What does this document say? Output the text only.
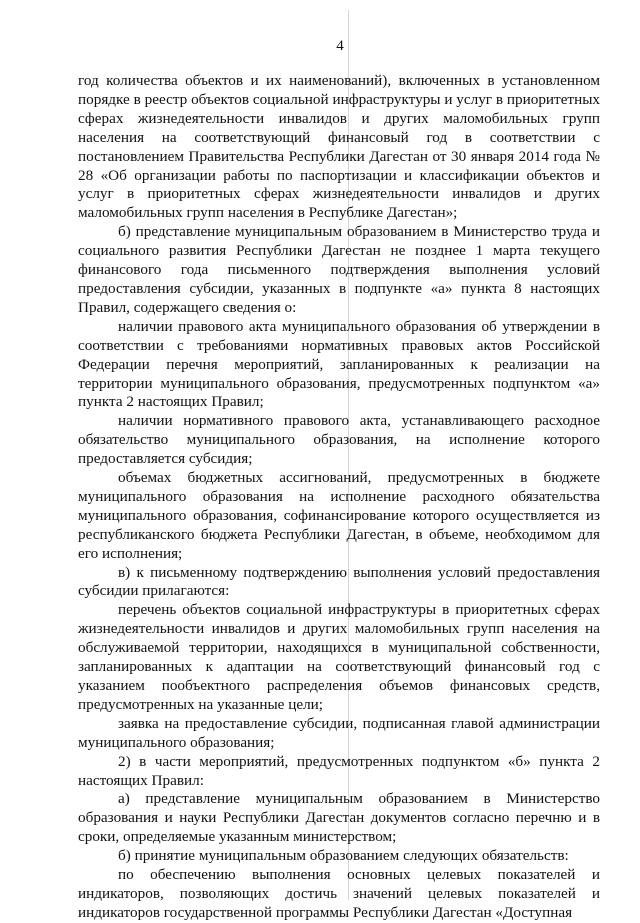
4

год количества объектов и их наименований), включенных в установленном порядке в реестр объектов социальной инфраструктуры и услуг в приоритетных сферах жизнедеятельности инвалидов и других маломобильных групп населения на соответствующий финансовый год в соответствии с постановлением Правительства Республики Дагестан от 30 января 2014 года № 28 «Об организации работы по паспортизации и классификации объектов и услуг в приоритетных сферах жизнедеятельности инвалидов и других маломобильных групп населения в Республике Дагестан»;

б) представление муниципальным образованием в Министерство труда и социального развития Республики Дагестан не позднее 1 марта текущего финансового года письменного подтверждения выполнения условий предоставления субсидии, указанных в подпункте «а» пункта 8 настоящих Правил, содержащего сведения о:

наличии правового акта муниципального образования об утверждении в соответствии с требованиями нормативных правовых актов Российской Федерации перечня мероприятий, запланированных к реализации на территории муниципального образования, предусмотренных подпунктом «а» пункта 2 настоящих Правил;

наличии нормативного правового акта, устанавливающего расходное обязательство муниципального образования, на исполнение которого предоставляется субсидия;

объемах бюджетных ассигнований, предусмотренных в бюджете муниципального образования на исполнение расходного обязательства муниципального образования, софинансирование которого осуществляется из республиканского бюджета Республики Дагестан, в объеме, необходимом для его исполнения;

в) к письменному подтверждению выполнения условий предоставления субсидии прилагаются:

перечень объектов социальной инфраструктуры в приоритетных сферах жизнедеятельности инвалидов и других маломобильных групп населения на обслуживаемой территории, находящихся в муниципальной собственности, запланированных к адаптации на соответствующий финансовый год с указанием пообъектного распределения объемов финансовых средств, предусмотренных на указанные цели;

заявка на предоставление субсидии, подписанная главой администрации муниципального образования;

2) в части мероприятий, предусмотренных подпунктом «б» пункта 2 настоящих Правил:

а) представление муниципальным образованием в Министерство образования и науки Республики Дагестан документов согласно перечню и в сроки, определяемые указанным министерством;

б) принятие муниципальным образованием следующих обязательств:

по обеспечению выполнения основных целевых показателей и индикаторов, позволяющих достичь значений целевых показателей и индикаторов государственной программы Республики Дагестан «Доступная
